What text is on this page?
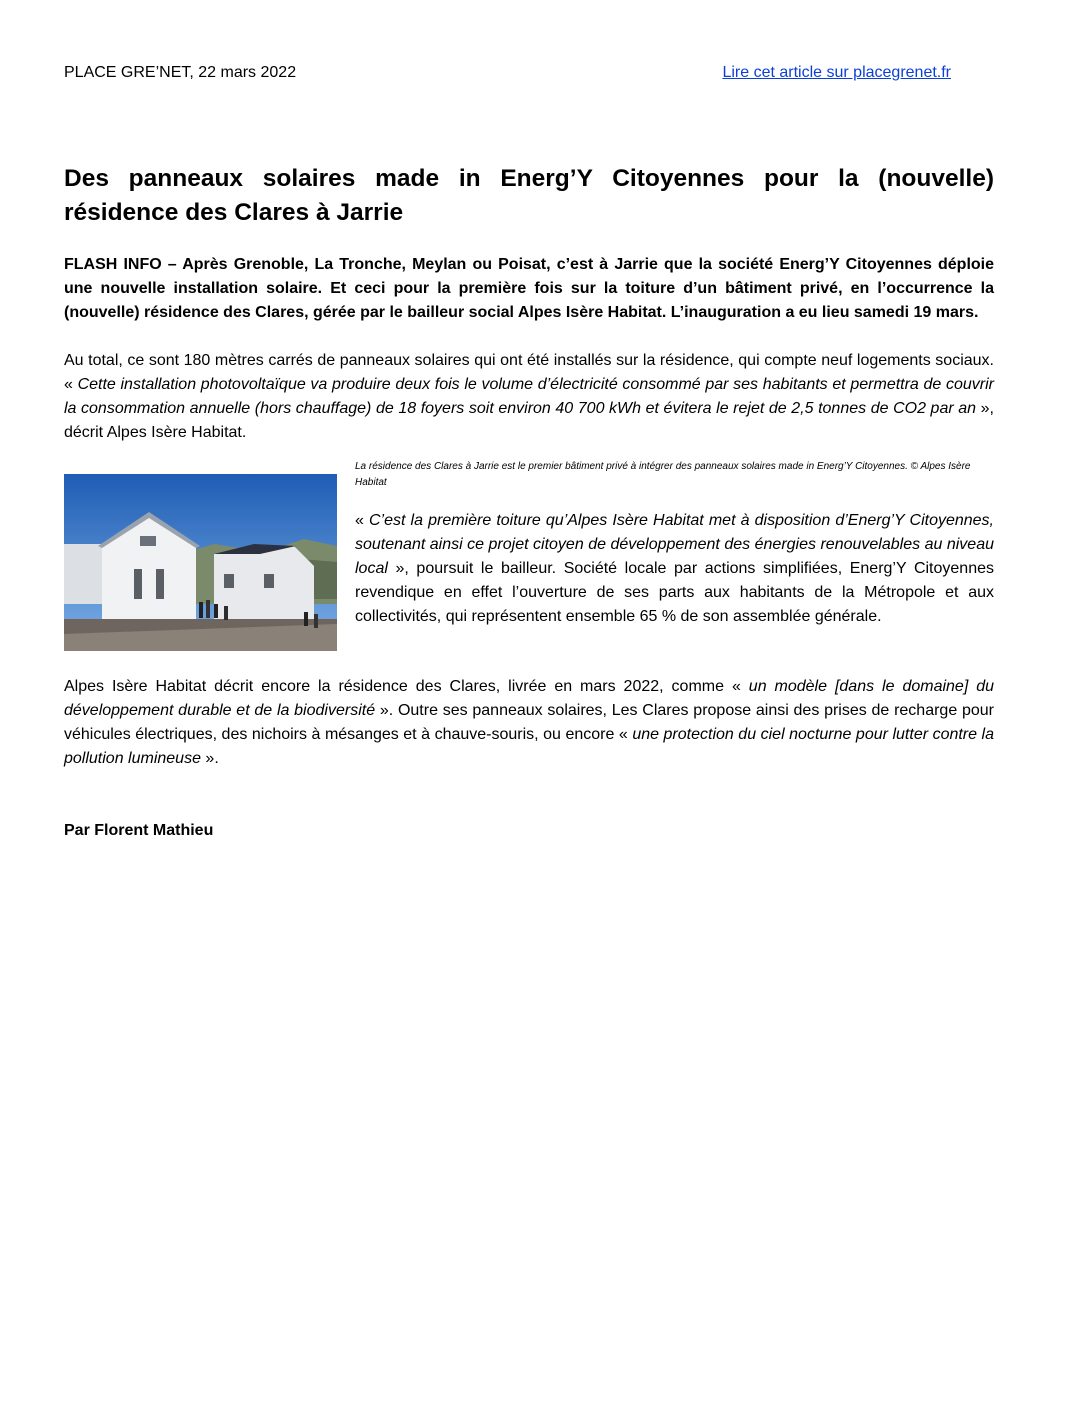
PLACE GRE’NET, 22 mars 2022	Lire cet article sur placegrenet.fr
Des panneaux solaires made in Energ’Y Citoyennes pour la (nouvelle) résidence des Clares à Jarrie

FLASH INFO – Après Grenoble, La Tronche, Meylan ou Poisat, c’est à Jarrie que la société Energ’Y Citoyennes déploie une nouvelle installation solaire. Et ceci pour la première fois sur la toiture d’un bâtiment privé, en l’occurrence la (nouvelle) résidence des Clares, gérée par le bailleur social Alpes Isère Habitat. L’inauguration a eu lieu samedi 19 mars.

Au total, ce sont 180 mètres carrés de panneaux solaires qui ont été installés sur la résidence, qui compte neuf logements sociaux. « Cette installation photovoltaïque va produire deux fois le volume d’électricité consommé par ses habitants et permettra de couvrir la consommation annuelle (hors chauffage) de 18 foyers soit environ 40 700 kWh et évitera le rejet de 2,5 tonnes de CO2 par an », décrit Alpes Isère Habitat.

La résidence des Clares à Jarrie est le premier bâtiment privé à intégrer des panneaux solaires made in Energ’Y Citoyennes. © Alpes Isère Habitat

« C’est la première toiture qu’Alpes Isère Habitat met à disposition d’Energ’Y Citoyennes, soutenant ainsi ce projet citoyen de développement des énergies renouvelables au niveau local », poursuit le bailleur. Société locale par actions simplifiées, Energ’Y Citoyennes revendique en effet l’ouverture de ses parts aux habitants de la Métropole et aux collectivités, qui représentent ensemble 65 % de son assemblée générale.

Alpes Isère Habitat décrit encore la résidence des Clares, livrée en mars 2022, comme « un modèle [dans le domaine] du développement durable et de la biodiversité ». Outre ses panneaux solaires, Les Clares propose ainsi des prises de recharge pour véhicules électriques, des nichoirs à mésanges et à chauve-souris, ou encore « une protection du ciel nocturne pour lutter contre la pollution lumineuse ».

Par Florent Mathieu
